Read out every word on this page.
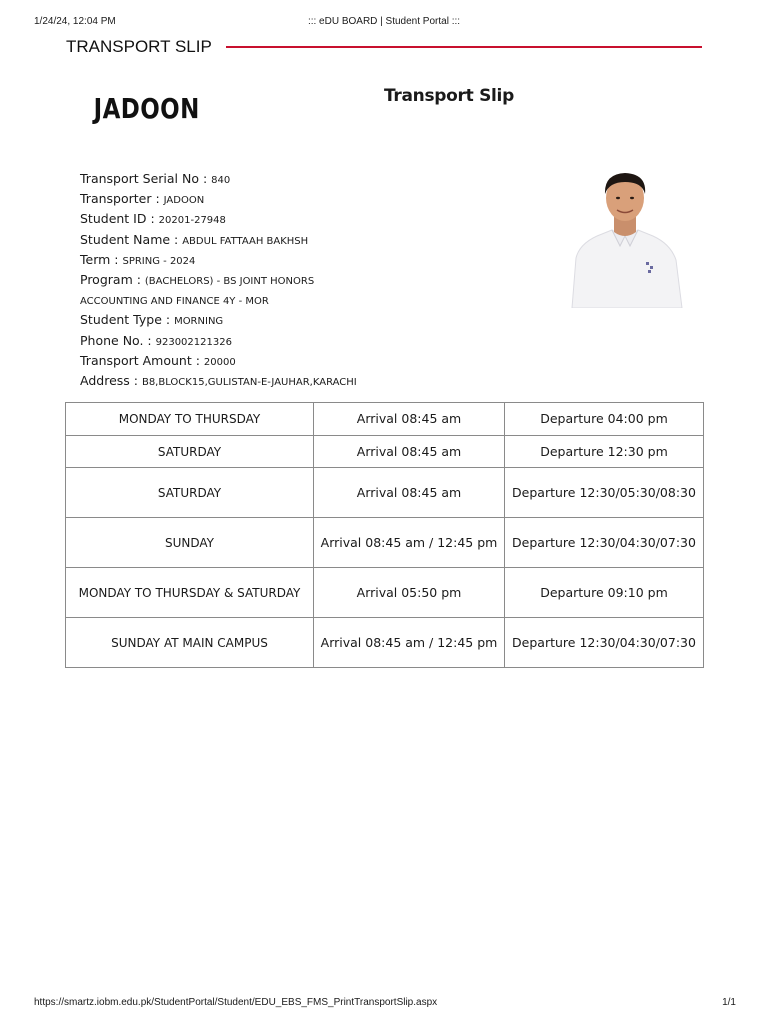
1/24/24, 12:04 PM	::: eDU BOARD | Student Portal :::
TRANSPORT SLIP
JADOON	Transport Slip
Transport Serial No : 840
Transporter : JADOON
Student ID : 20201-27948
Student Name : ABDUL FATTAAH BAKHSH
Term : SPRING - 2024
Program : (BACHELORS) - BS JOINT HONORS ACCOUNTING AND FINANCE 4Y - MOR
Student Type : MORNING
Phone No. : 923002121326
Transport Amount : 20000
Address : B8,BLOCK15,GULISTAN-E-JAUHAR,KARACHI
MONDAY TO THURSDAY	Arrival 08:45 am	Departure 04:00 pm
SATURDAY	Arrival 08:45 am	Departure 12:30 pm
SATURDAY	Arrival 08:45 am	Departure 12:30/05:30/08:30
SUNDAY	Arrival 08:45 am / 12:45 pm	Departure 12:30/04:30/07:30
MONDAY TO THURSDAY & SATURDAY	Arrival 05:50 pm	Departure 09:10 pm
SUNDAY AT MAIN CAMPUS	Arrival 08:45 am / 12:45 pm	Departure 12:30/04:30/07:30
https://smartz.iobm.edu.pk/StudentPortal/Student/EDU_EBS_FMS_PrintTransportSlip.aspx	1/1
